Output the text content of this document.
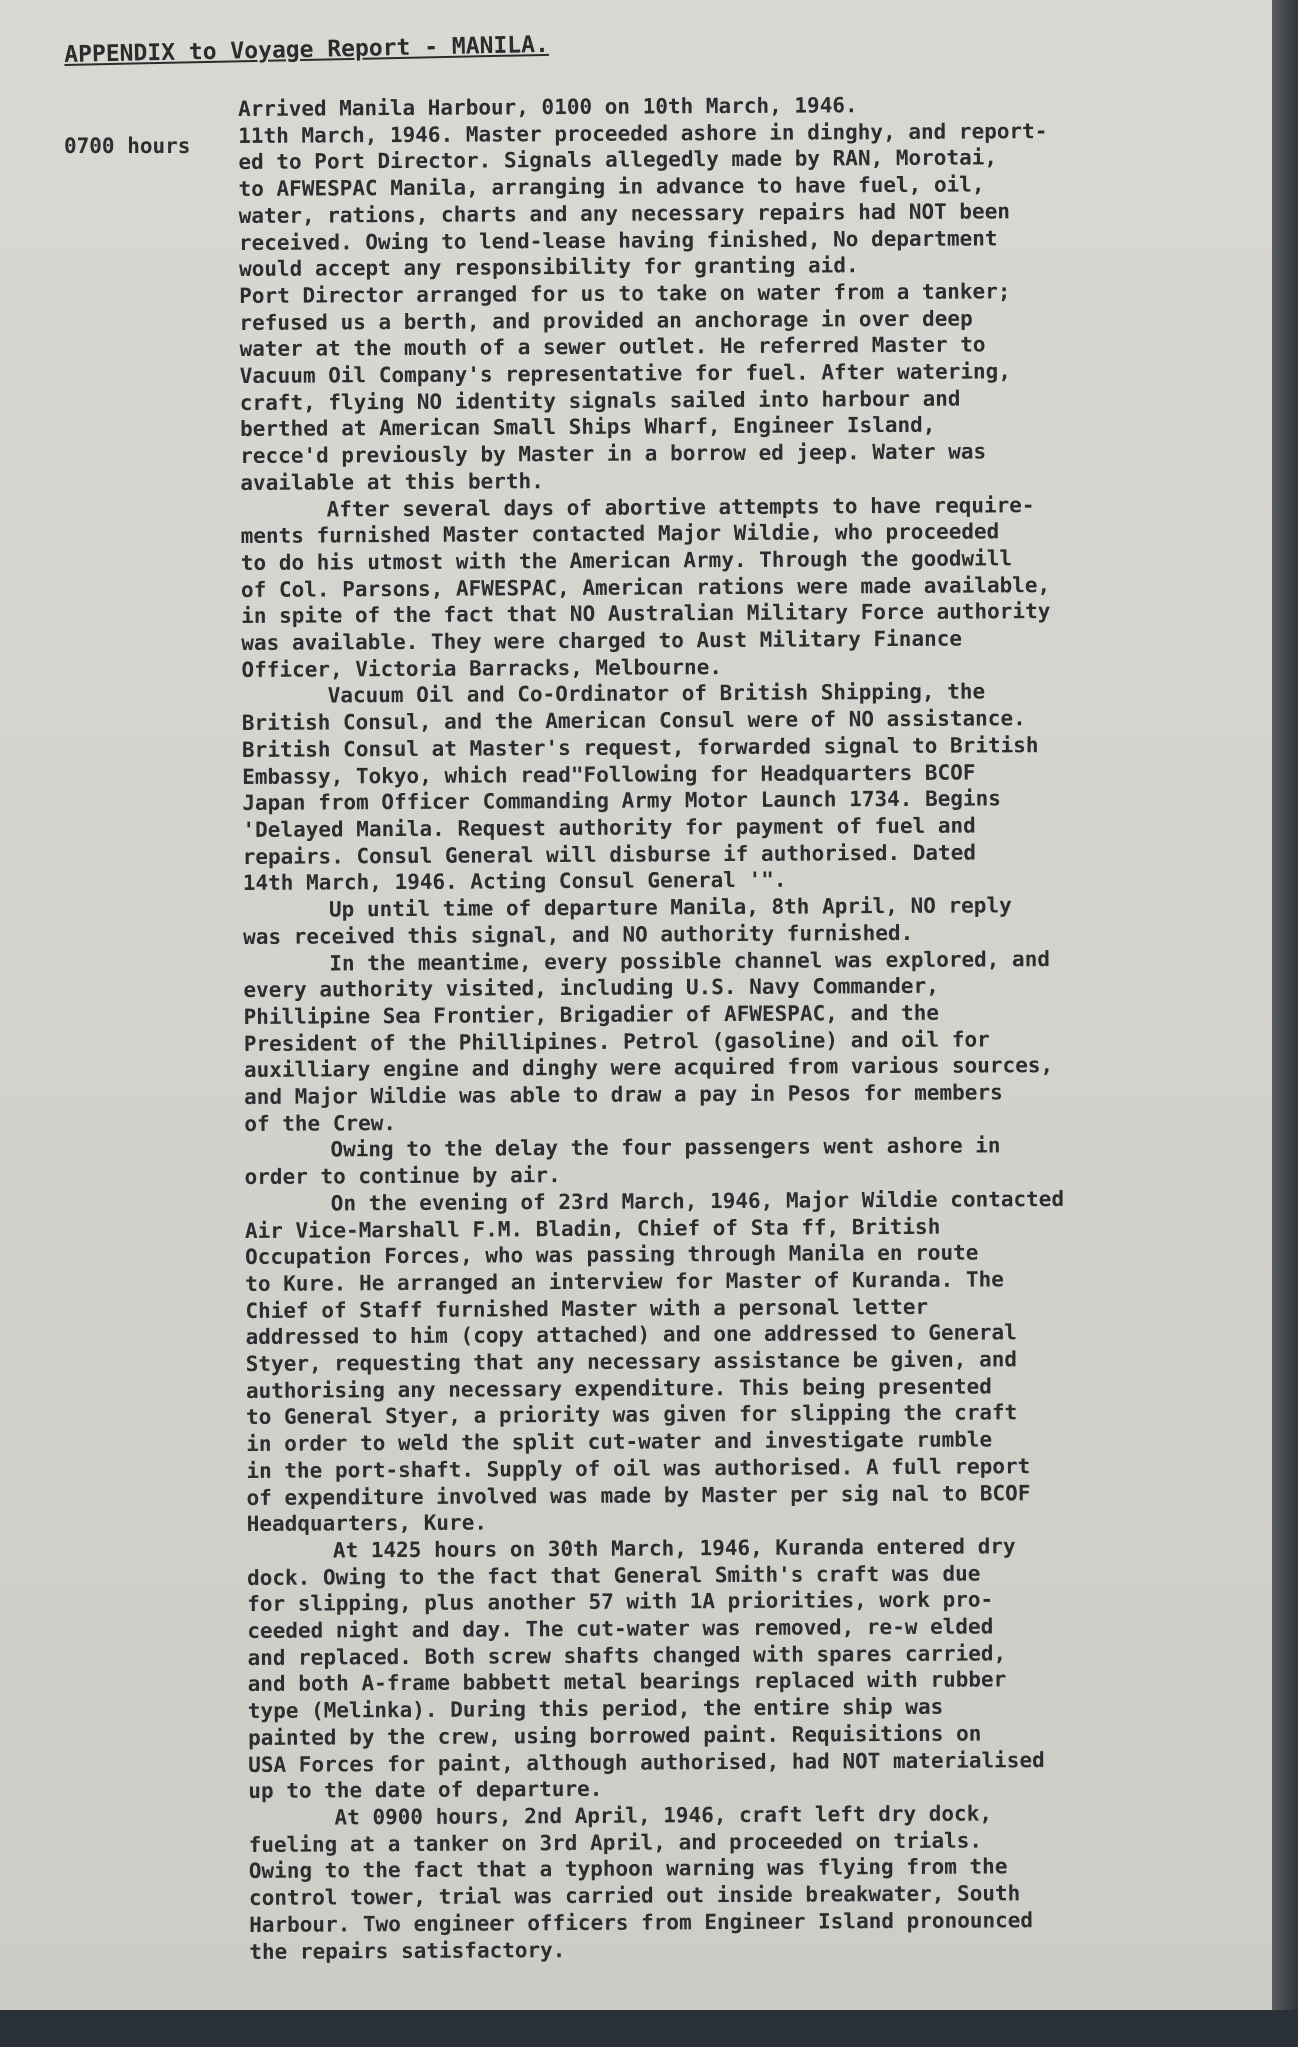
APPENDIX to Voyage Report - MANILA.
0700 hours
Arrived Manila Harbour, 0100 on 10th March, 1946.
11th March, 1946. Master proceeded ashore in dinghy, and report-
ed to Port Director. Signals allegedly made by RAN, Morotai,
to AFWESPAC Manila, arranging in advance to have fuel, oil,
water, rations, charts and any necessary repairs had NOT been
received. Owing to lend-lease having finished, No department
would accept any responsibility for granting aid.
Port Director arranged for us to take on water from a tanker;
refused us a berth, and provided an anchorage in over deep
water at the mouth of a sewer outlet. He referred Master to
Vacuum Oil Company's representative for fuel. After watering,
craft, flying NO identity signals sailed into harbour and
berthed at American Small Ships Wharf, Engineer Island,
recce'd previously by Master in a borrow ed jeep. Water was
available at this berth.
After several days of abortive attempts to have require-
ments furnished Master contacted Major Wildie, who proceeded
to do his utmost with the American Army. Through the goodwill
of Col. Parsons, AFWESPAC, American rations were made available,
in spite of the fact that NO Australian Military Force authority
was available. They were charged to Aust Military Finance
Officer, Victoria Barracks, Melbourne.
Vacuum Oil and Co-Ordinator of British Shipping, the
British Consul, and the American Consul were of NO assistance.
British Consul at Master's request, forwarded signal to British
Embassy, Tokyo, which read"Following for Headquarters BCOF
Japan from Officer Commanding Army Motor Launch 1734. Begins
'Delayed Manila. Request authority for payment of fuel and
repairs. Consul General will disburse if authorised. Dated
14th March, 1946. Acting Consul General '".
Up until time of departure Manila, 8th April, NO reply
was received this signal, and NO authority furnished.
In the meantime, every possible channel was explored, and
every authority visited, including U.S. Navy Commander,
Phillipine Sea Frontier, Brigadier of AFWESPAC, and the
President of the Phillipines. Petrol (gasoline) and oil for
auxilliary engine and dinghy were acquired from various sources,
and Major Wildie was able to draw a pay in Pesos for members
of the Crew.
Owing to the delay the four passengers went ashore in
order to continue by air.
On the evening of 23rd March, 1946, Major Wildie contacted
Air Vice-Marshall F.M. Bladin, Chief of Sta ff, British
Occupation Forces, who was passing through Manila en route
to Kure. He arranged an interview for Master of Kuranda. The
Chief of Staff furnished Master with a personal letter
addressed to him (copy attached) and one addressed to General
Styer, requesting that any necessary assistance be given, and
authorising any necessary expenditure. This being presented
to General Styer, a priority was given for slipping the craft
in order to weld the split cut-water and investigate rumble
in the port-shaft. Supply of oil was authorised. A full report
of expenditure involved was made by Master per sig nal to BCOF
Headquarters, Kure.
At 1425 hours on 30th March, 1946, Kuranda entered dry
dock. Owing to the fact that General Smith's craft was due
for slipping, plus another 57 with 1A priorities, work pro-
ceeded night and day. The cut-water was removed, re-w elded
and replaced. Both screw shafts changed with spares carried,
and both A-frame babbett metal bearings replaced with rubber
type (Melinka). During this period, the entire ship was
painted by the crew, using borrowed paint. Requisitions on
USA Forces for paint, although authorised, had NOT materialised
up to the date of departure.
At 0900 hours, 2nd April, 1946, craft left dry dock,
fueling at a tanker on 3rd April, and proceeded on trials.
Owing to the fact that a typhoon warning was flying from the
control tower, trial was carried out inside breakwater, South
Harbour. Two engineer officers from Engineer Island pronounced
the repairs satisfactory.
